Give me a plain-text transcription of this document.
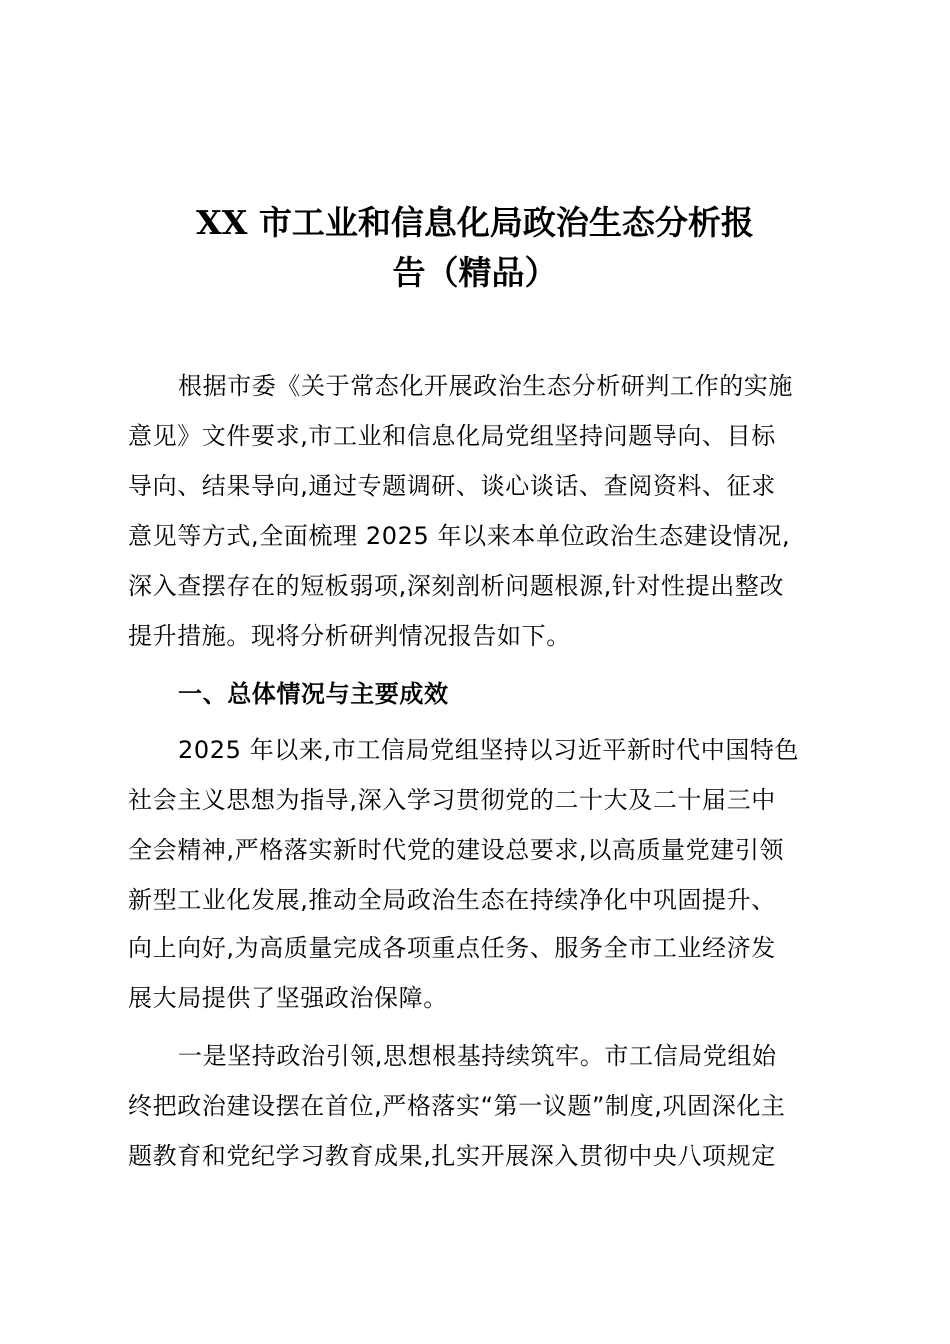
XX 市工业和信息化局政治生态分析报
告（精品）
根据市委《关于常态化开展政治生态分析研判工作的实施
意见》文件要求,市工业和信息化局党组坚持问题导向、目标
导向、结果导向,通过专题调研、谈心谈话、查阅资料、征求
意见等方式,全面梳理 2025 年以来本单位政治生态建设情况,
深入查摆存在的短板弱项,深刻剖析问题根源,针对性提出整改
提升措施。现将分析研判情况报告如下。
一、总体情况与主要成效
2025 年以来,市工信局党组坚持以习近平新时代中国特色
社会主义思想为指导,深入学习贯彻党的二十大及二十届三中
全会精神,严格落实新时代党的建设总要求,以高质量党建引领
新型工业化发展,推动全局政治生态在持续净化中巩固提升、
向上向好,为高质量完成各项重点任务、服务全市工业经济发
展大局提供了坚强政治保障。
一是坚持政治引领,思想根基持续筑牢。市工信局党组始
终把政治建设摆在首位,严格落实“第一议题”制度,巩固深化主
题教育和党纪学习教育成果,扎实开展深入贯彻中央八项规定
